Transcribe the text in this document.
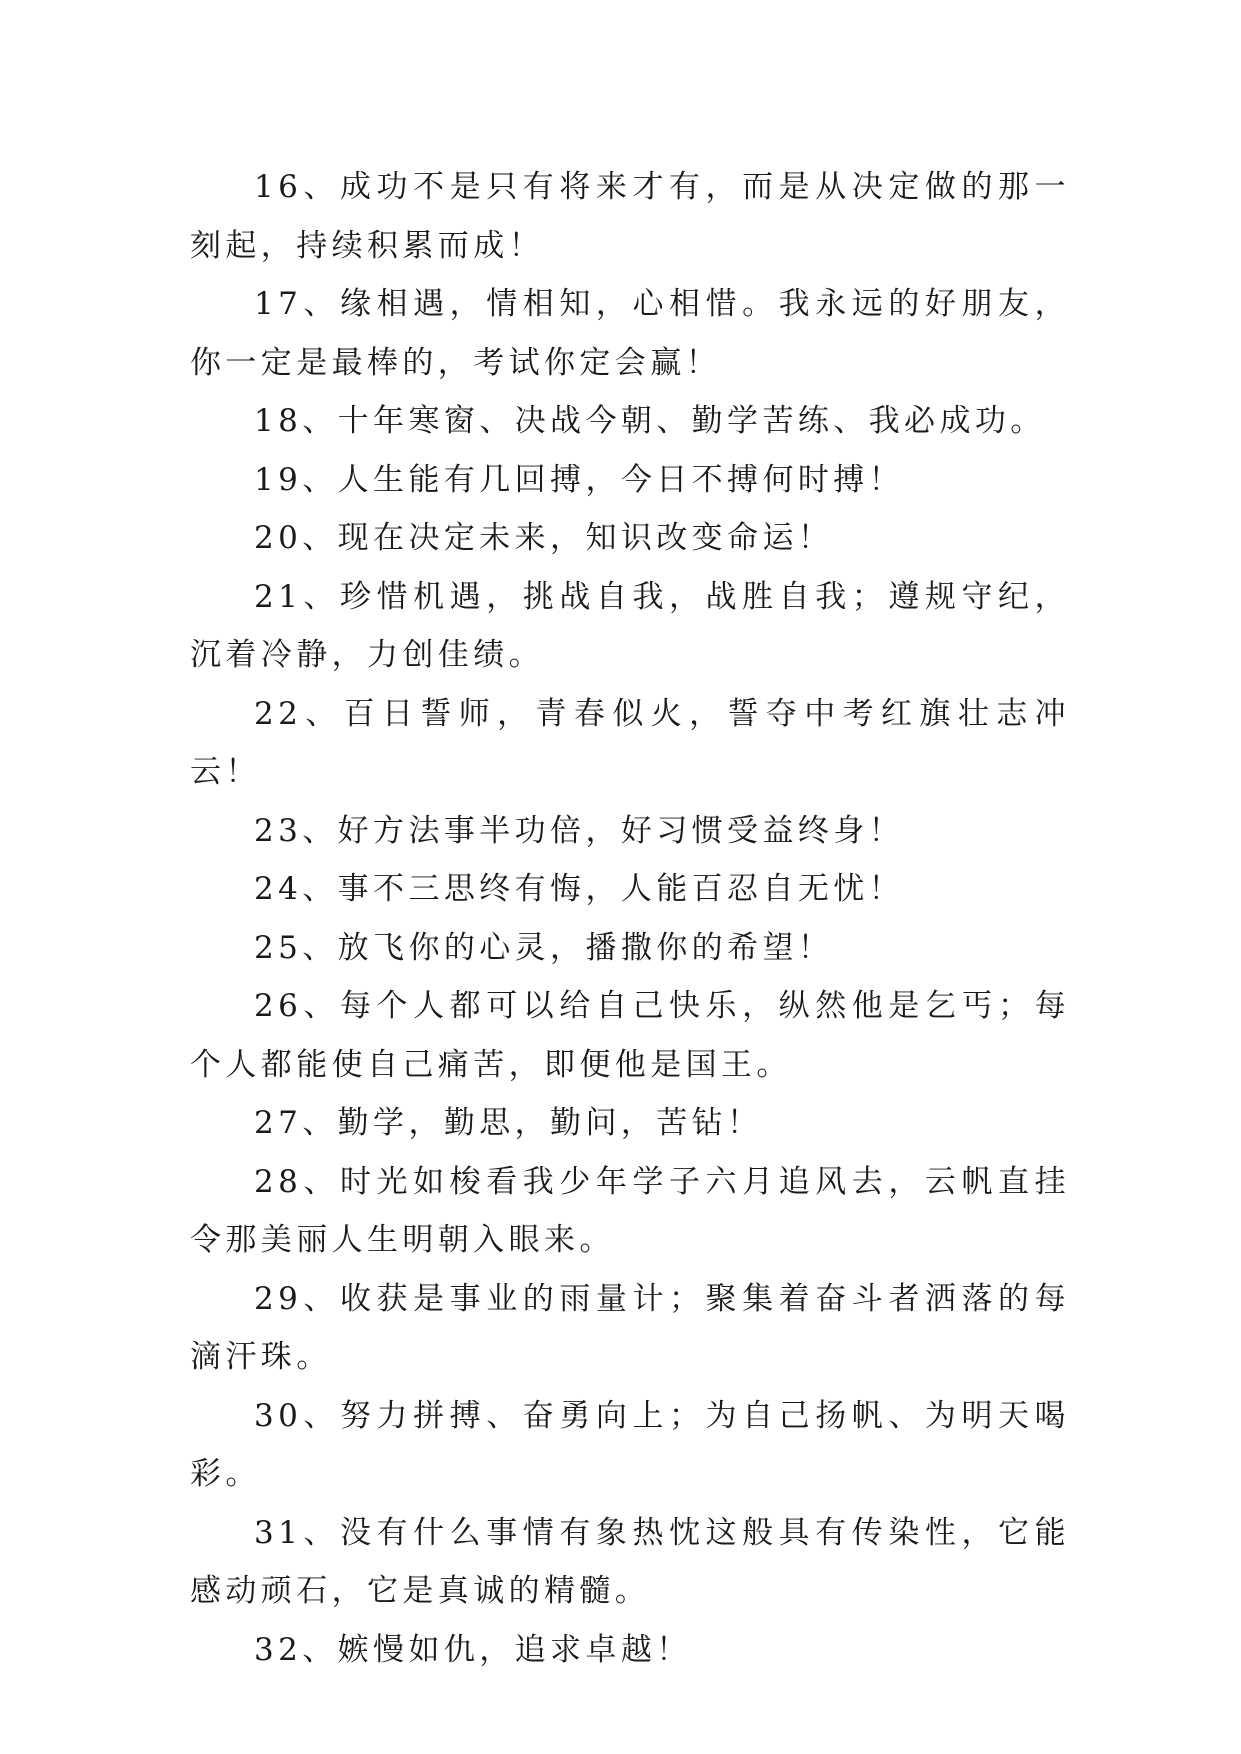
16、成功不是只有将来才有，而是从决定做的那一刻起，持续积累而成！

17、缘相遇，情相知，心相惜。我永远的好朋友，你一定是最棒的，考试你定会赢！

18、十年寒窗、决战今朝、勤学苦练、我必成功。

19、人生能有几回搏，今日不搏何时搏！

20、现在决定未来，知识改变命运！

21、珍惜机遇，挑战自我，战胜自我；遵规守纪，沉着冷静，力创佳绩。

22、百日誓师，青春似火，誓夺中考红旗壮志冲云！

23、好方法事半功倍，好习惯受益终身！

24、事不三思终有悔，人能百忍自无忧！

25、放飞你的心灵，播撒你的希望！

26、每个人都可以给自己快乐，纵然他是乞丐；每个人都能使自己痛苦，即便他是国王。

27、勤学，勤思，勤问，苦钻！

28、时光如梭看我少年学子六月追风去，云帆直挂令那美丽人生明朝入眼来。

29、收获是事业的雨量计；聚集着奋斗者洒落的每滴汗珠。

30、努力拼搏、奋勇向上；为自己扬帆、为明天喝彩。

31、没有什么事情有象热忱这般具有传染性，它能感动顽石，它是真诚的精髓。

32、嫉慢如仇，追求卓越！
